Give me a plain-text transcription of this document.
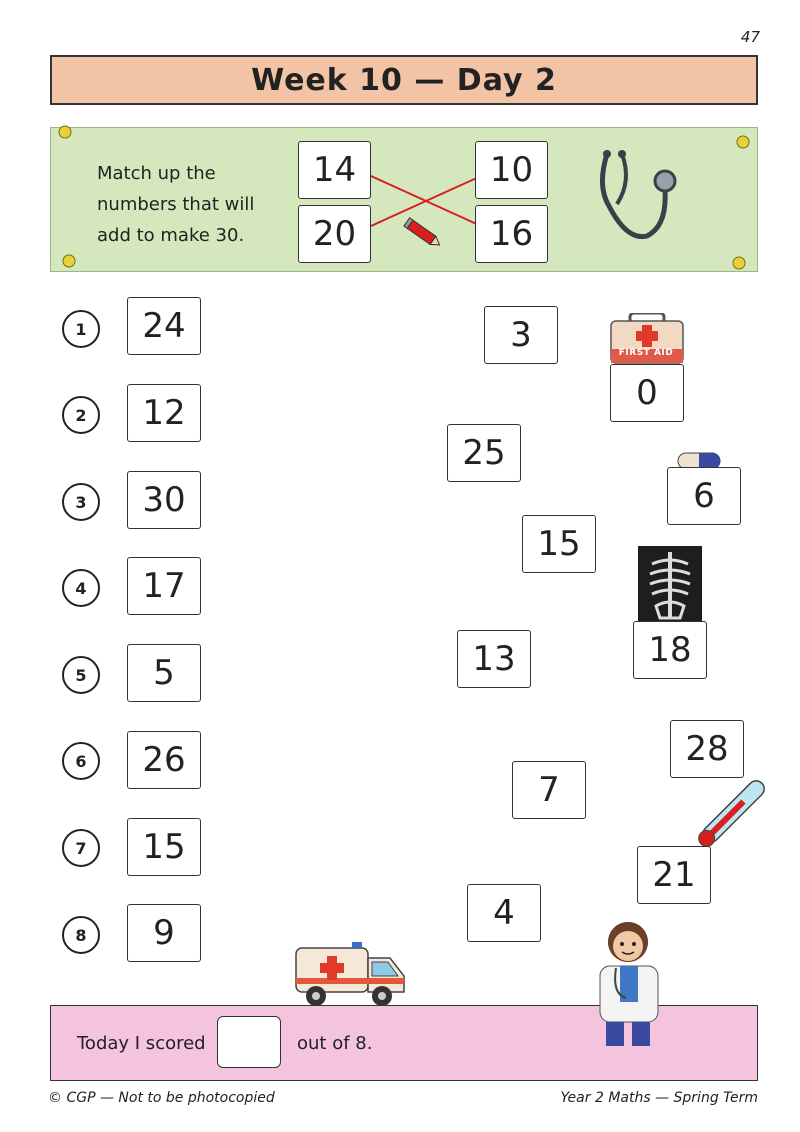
47
Week 10 — Day 2
Match up the
numbers that will
add to make 30.
14
20
10
16
1	24
2	12
3	30
4	17
5	5
6	26
7	15
8	9
FIRST AID
3
0
25
6
15
18
13
28
7
21
4
Today I scored	out of 8.
© CGP — Not to be photocopied	Year 2 Maths — Spring Term
